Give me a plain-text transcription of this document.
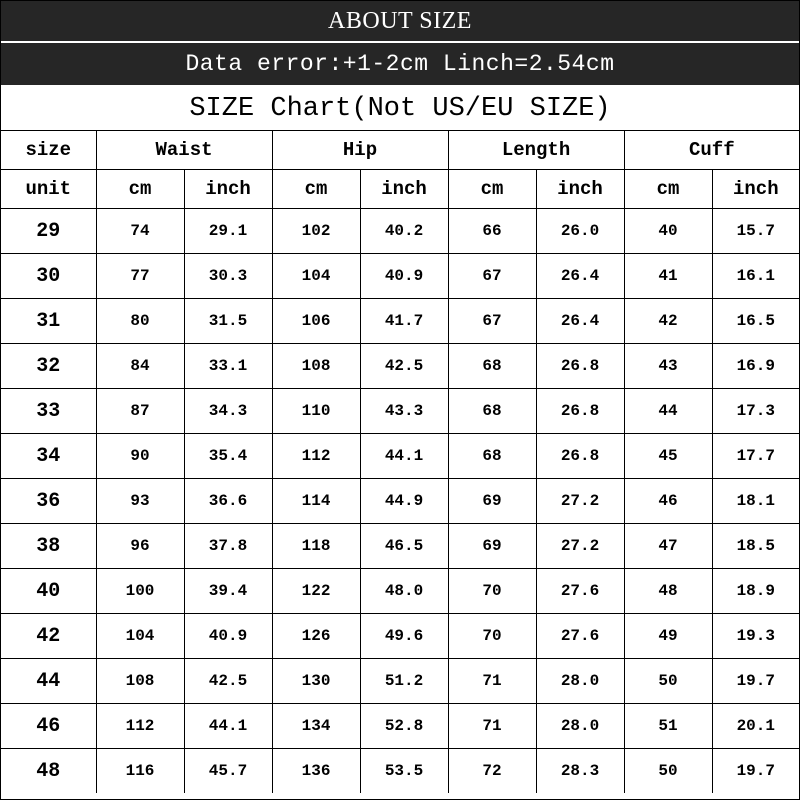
ABOUT SIZE
Data error:+1-2cm Linch=2.54cm
SIZE Chart(Not US/EU SIZE)
size	Waist		Hip		Length		Cuff	
unit	cm	inch	cm	inch	cm	inch	cm	inch
29	74	29.1	102	40.2	66	26.0	40	15.7
30	77	30.3	104	40.9	67	26.4	41	16.1
31	80	31.5	106	41.7	67	26.4	42	16.5
32	84	33.1	108	42.5	68	26.8	43	16.9
33	87	34.3	110	43.3	68	26.8	44	17.3
34	90	35.4	112	44.1	68	26.8	45	17.7
36	93	36.6	114	44.9	69	27.2	46	18.1
38	96	37.8	118	46.5	69	27.2	47	18.5
40	100	39.4	122	48.0	70	27.6	48	18.9
42	104	40.9	126	49.6	70	27.6	49	19.3
44	108	42.5	130	51.2	71	28.0	50	19.7
46	112	44.1	134	52.8	71	28.0	51	20.1
48	116	45.7	136	53.5	72	28.3	50	19.7
